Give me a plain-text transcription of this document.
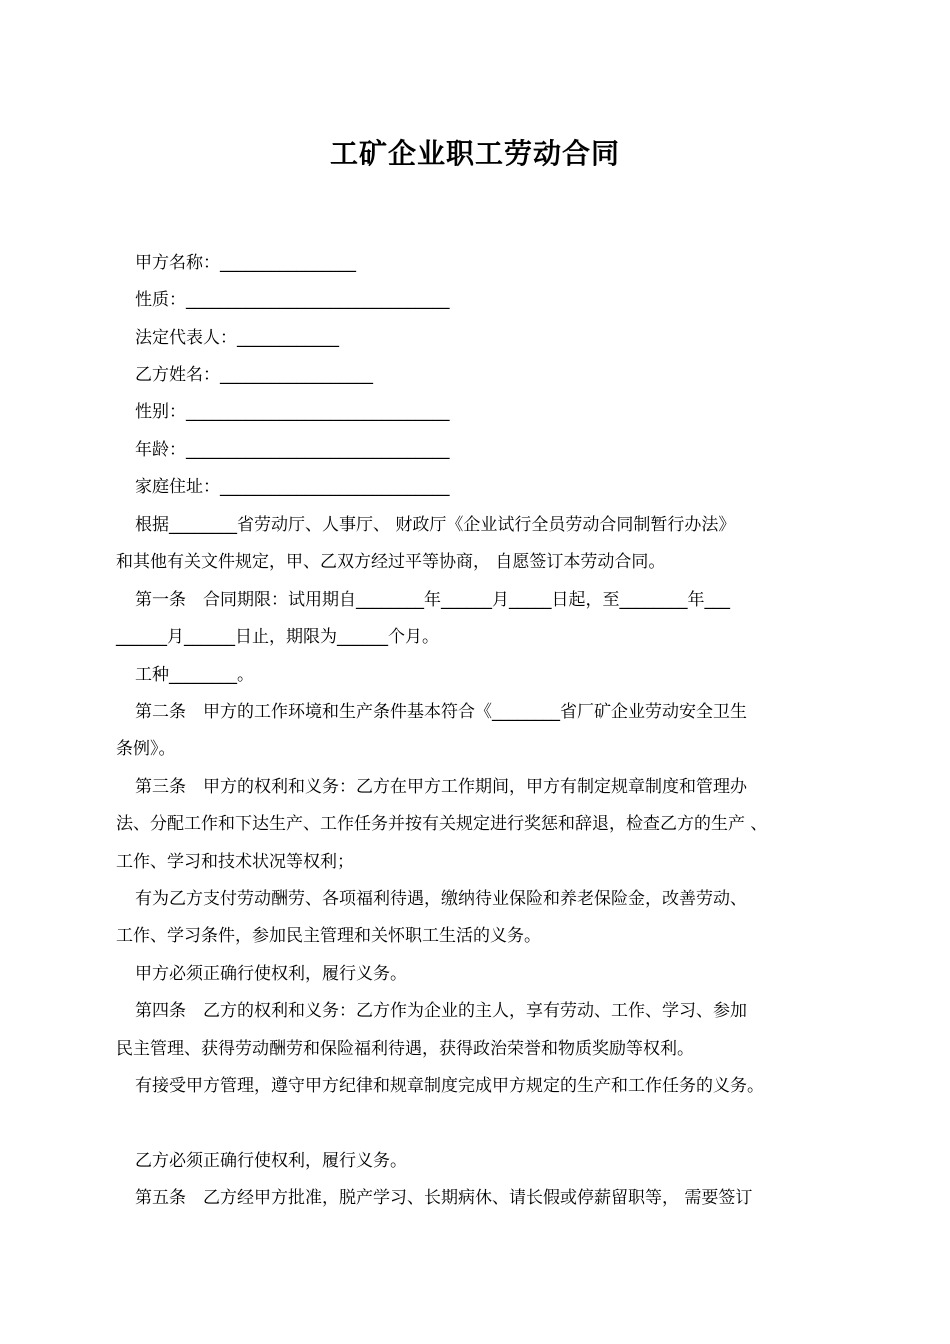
工矿企业职工劳动合同
甲方名称：________________
性质：_______________________________
法定代表人：____________
乙方姓名：__________________
性别：_______________________________
年龄：_______________________________
家庭住址：___________________________
根据________省劳动厅、人事厅、 财政厅《企业试行全员劳动合同制暂行办法》
和其他有关文件规定，甲、乙双方经过平等协商， 自愿签订本劳动合同。
第一条　合同期限：试用期自________年______月_____日起，至________年___
______月______日止，期限为______个月。
工种________。
第二条　甲方的工作环境和生产条件基本符合《________省厂矿企业劳动安全卫生
条例》。
第三条　甲方的权利和义务：乙方在甲方工作期间，甲方有制定规章制度和管理办
法、分配工作和下达生产、工作任务并按有关规定进行奖惩和辞退，检查乙方的生产 、
工作、学习和技术状况等权利；
有为乙方支付劳动酬劳、各项福利待遇，缴纳待业保险和养老保险金，改善劳动、
工作、学习条件，参加民主管理和关怀职工生活的义务。
甲方必须正确行使权利，履行义务。
第四条　乙方的权利和义务：乙方作为企业的主人，享有劳动、工作、学习、参加
民主管理、获得劳动酬劳和保险福利待遇，获得政治荣誉和物质奖励等权利。
有接受甲方管理，遵守甲方纪律和规章制度完成甲方规定的生产和工作任务的义务。
乙方必须正确行使权利，履行义务。
第五条　乙方经甲方批准，脱产学习、长期病休、请长假或停薪留职等， 需要签订
